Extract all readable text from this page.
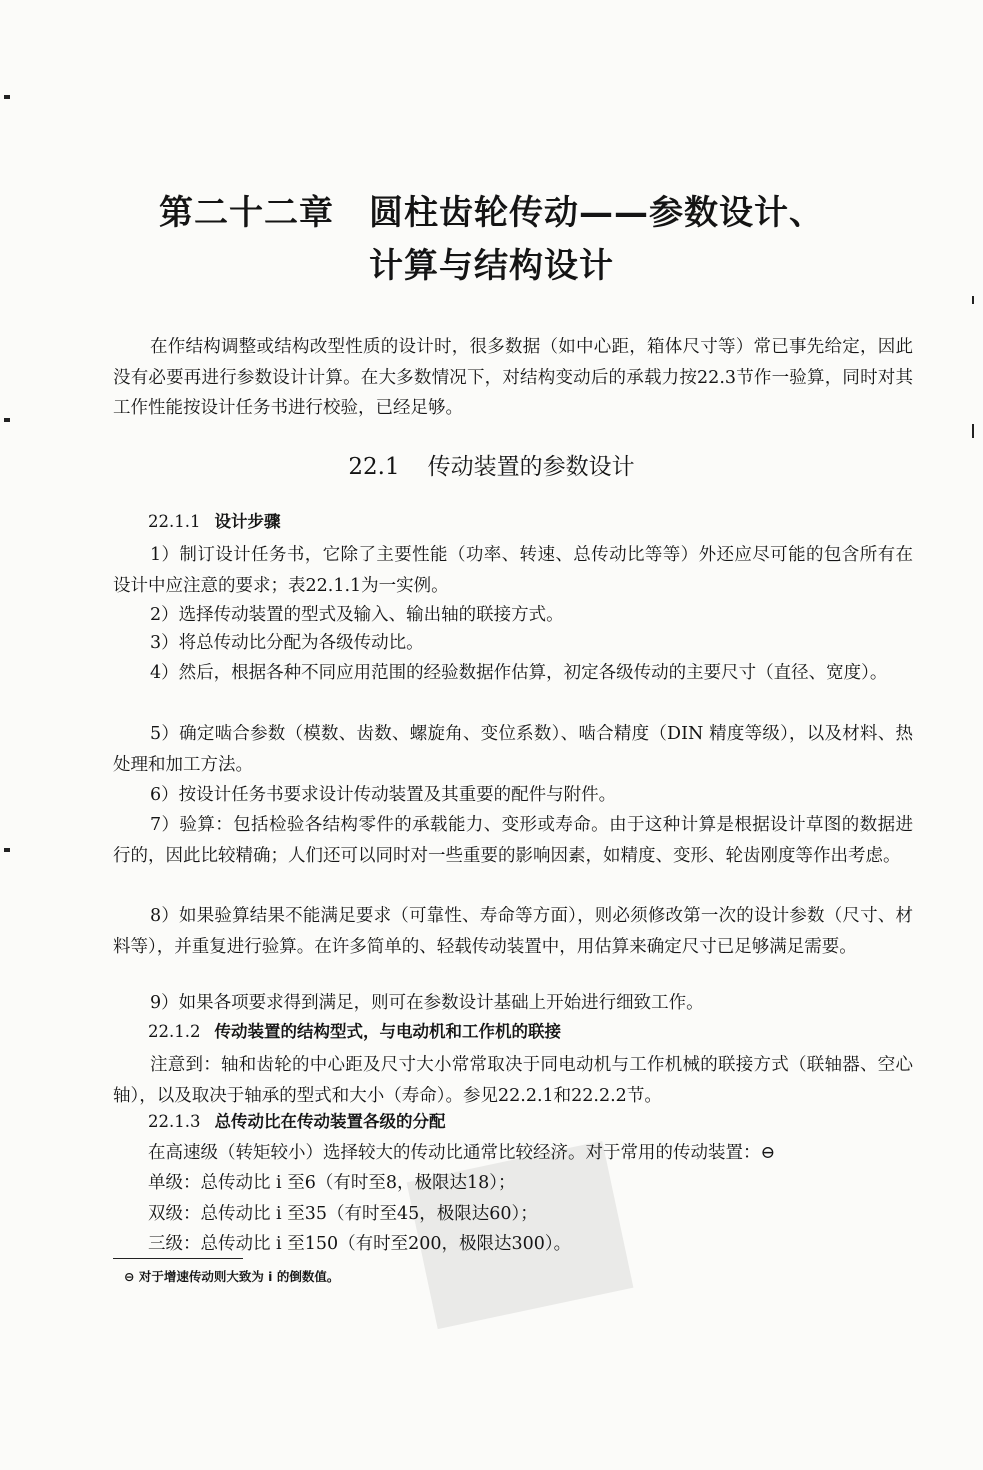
第二十二章　圆柱齿轮传动——参数设计、
计算与结构设计
在作结构调整或结构改型性质的设计时，很多数据（如中心距，箱体尺寸等）常已事先给定，因此没有必要再进行参数设计计算。在大多数情况下，对结构变动后的承载力按22.3节作一验算，同时对其工作性能按设计任务书进行校验，已经足够。
22.1 传动装置的参数设计
22.1.1 设计步骤
1）制订设计任务书，它除了主要性能（功率、转速、总传动比等等）外还应尽可能的包含所有在设计中应注意的要求；表22.1.1为一实例。
2）选择传动装置的型式及输入、输出轴的联接方式。
3）将总传动比分配为各级传动比。
4）然后，根据各种不同应用范围的经验数据作估算，初定各级传动的主要尺寸（直径、宽度）。
5）确定啮合参数（模数、齿数、螺旋角、变位系数）、啮合精度（DIN 精度等级），以及材料、热处理和加工方法。
6）按设计任务书要求设计传动装置及其重要的配件与附件。
7）验算：包括检验各结构零件的承载能力、变形或寿命。由于这种计算是根据设计草图的数据进行的，因此比较精确；人们还可以同时对一些重要的影响因素，如精度、变形、轮齿刚度等作出考虑。
8）如果验算结果不能满足要求（可靠性、寿命等方面），则必须修改第一次的设计参数（尺寸、材料等），并重复进行验算。在许多简单的、轻载传动装置中，用估算来确定尺寸已足够满足需要。
9）如果各项要求得到满足，则可在参数设计基础上开始进行细致工作。
22.1.2 传动装置的结构型式，与电动机和工作机的联接
注意到：轴和齿轮的中心距及尺寸大小常常取决于同电动机与工作机械的联接方式（联轴器、空心轴），以及取决于轴承的型式和大小（寿命）。参见22.2.1和22.2.2节。
22.1.3 总传动比在传动装置各级的分配
在高速级（转矩较小）选择较大的传动比通常比较经济。对于常用的传动装置：⊖
单级：总传动比 i 至6（有时至8，极限达18）；
双级：总传动比 i 至35（有时至45，极限达60）；
三级：总传动比 i 至150（有时至200，极限达300）。
⊖ 对于增速传动则大致为 i 的倒数值。
